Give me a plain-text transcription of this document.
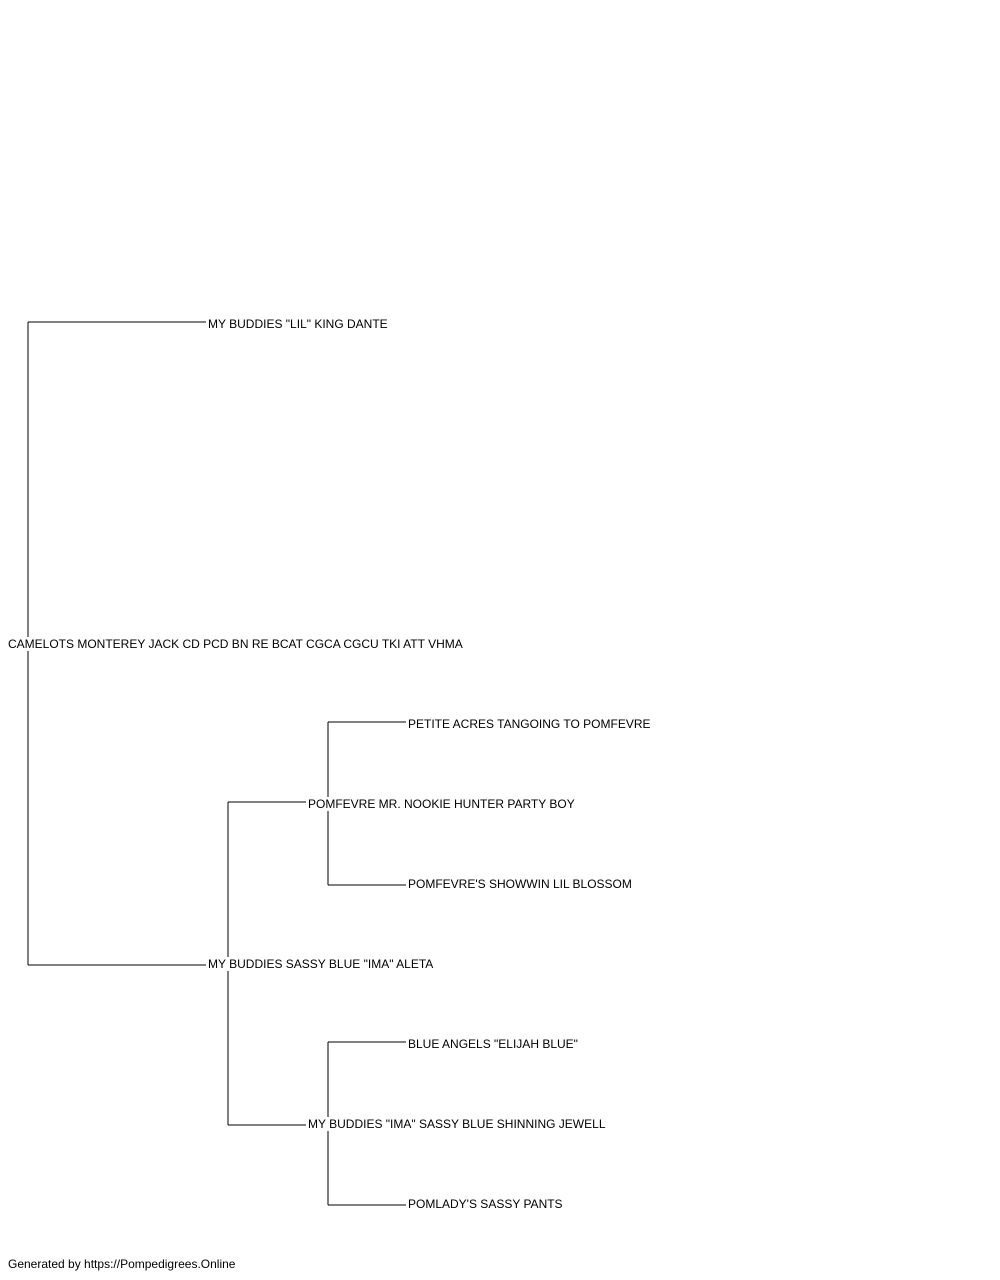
MY BUDDIES "LIL" KING DANTE
CAMELOTS MONTEREY JACK CD PCD BN RE BCAT CGCA CGCU TKI ATT VHMA
PETITE ACRES TANGOING TO POMFEVRE
POMFEVRE MR. NOOKIE HUNTER PARTY BOY
POMFEVRE'S SHOWWIN LIL BLOSSOM
MY BUDDIES SASSY BLUE "IMA" ALETA
BLUE ANGELS "ELIJAH BLUE"
MY BUDDIES "IMA" SASSY BLUE SHINNING JEWELL
POMLADY'S SASSY PANTS
Generated by https://Pompedigrees.Online
